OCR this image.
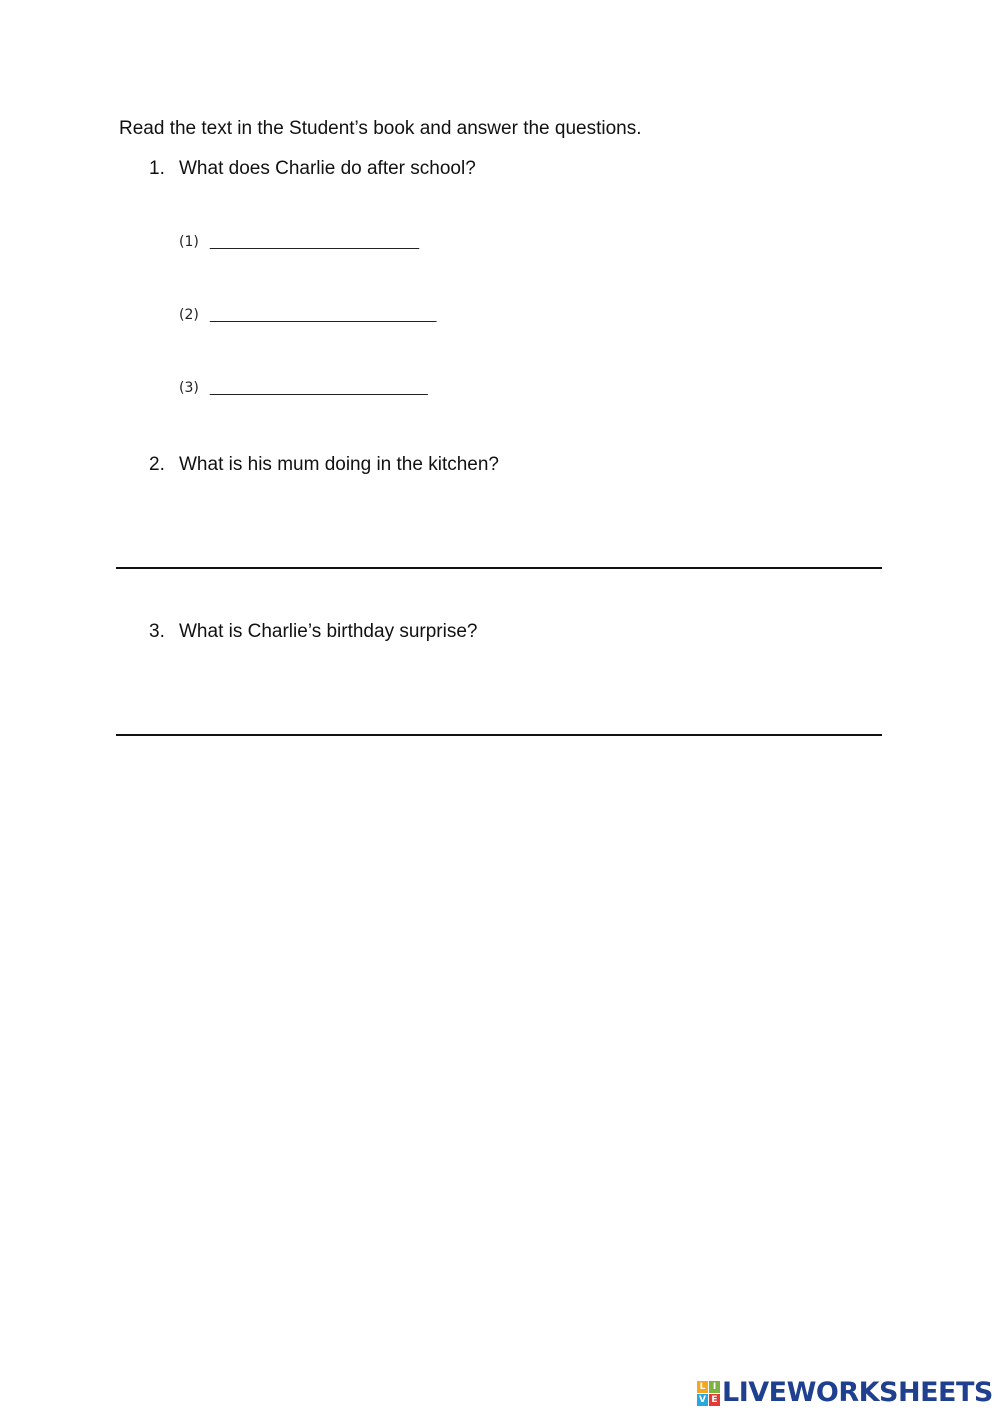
Read the text in the Student’s book and answer the questions.
1. What does Charlie do after school?
(1) ________________________
(2) __________________________
(3) _________________________
2. What is his mum doing in the kitchen?
3. What is Charlie’s birthday surprise?
L I
V E LIVEWORKSHEETS
